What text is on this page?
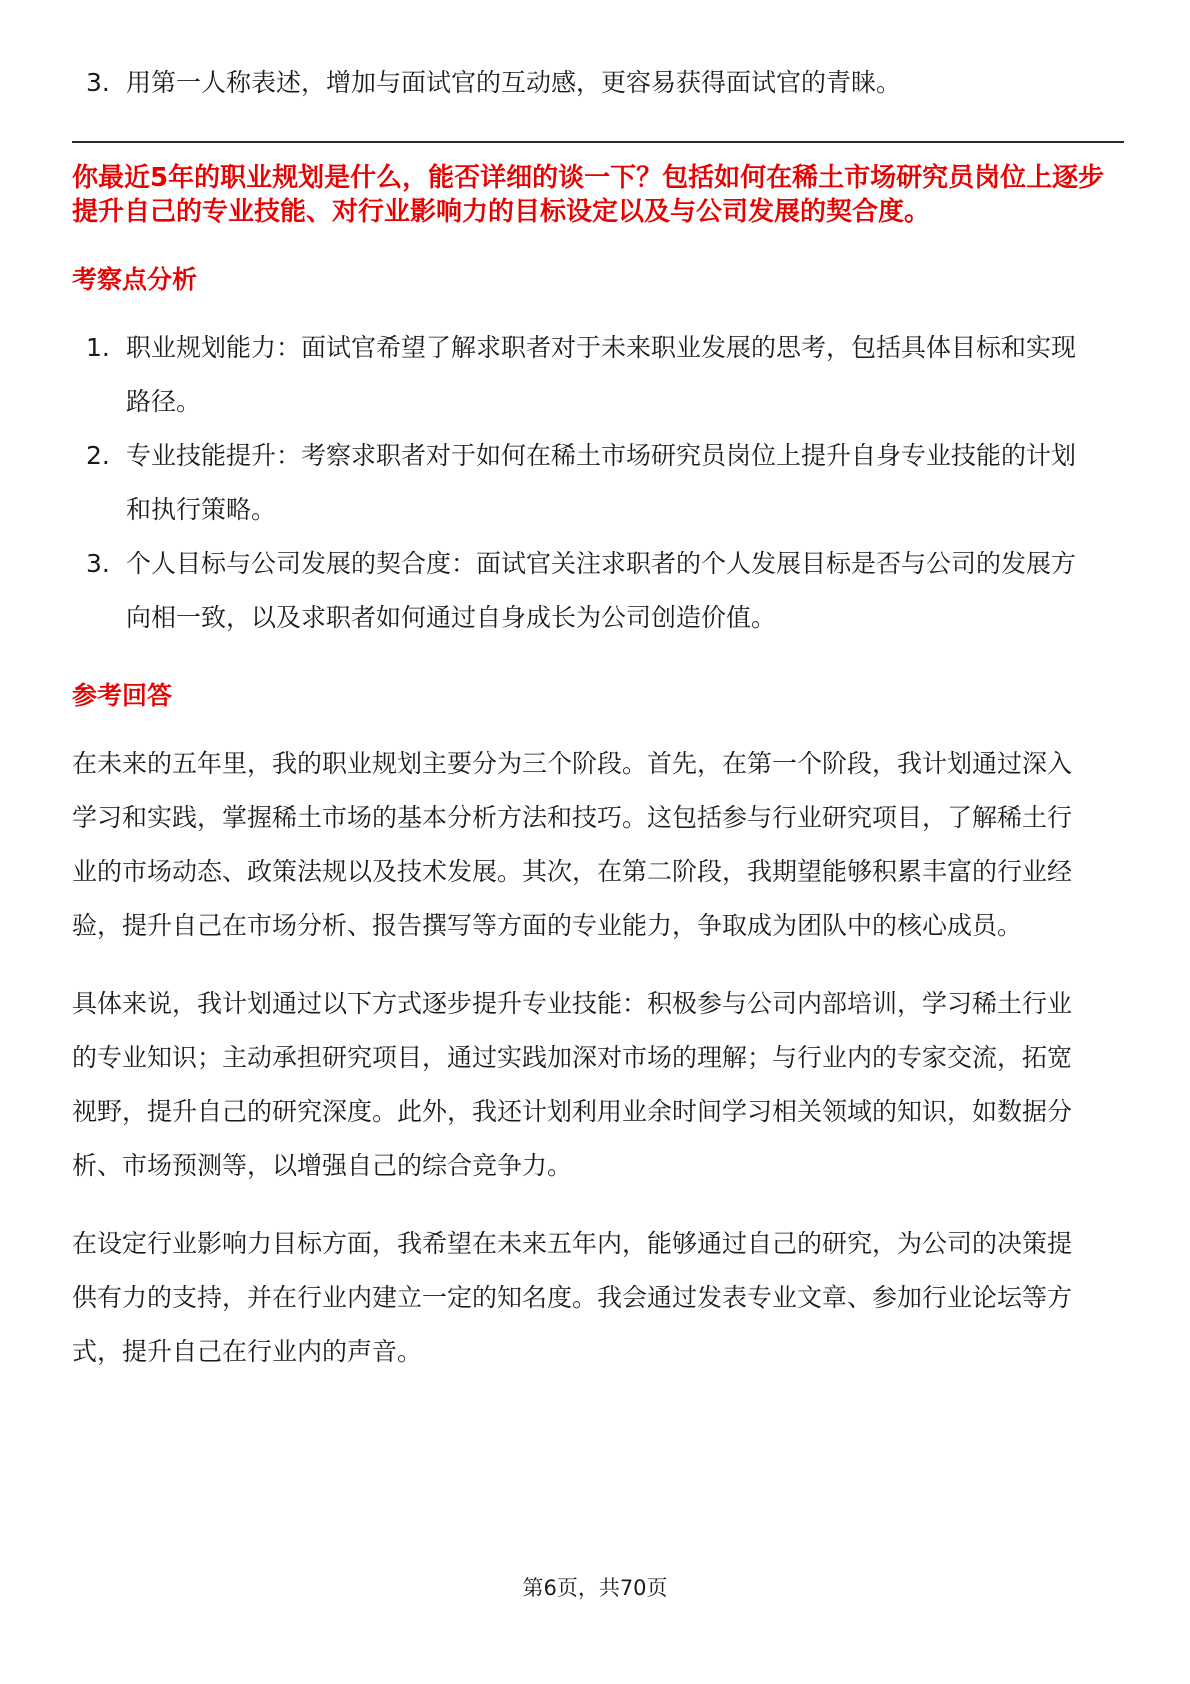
3. 用第一人称表述，增加与面试官的互动感，更容易获得面试官的青睐。

你最近5年的职业规划是什么，能否详细的谈一下？包括如何在稀土市场研究员岗位上逐步提升自己的专业技能、对行业影响力的目标设定以及与公司发展的契合度。

考察点分析
1. 职业规划能力：面试官希望了解求职者对于未来职业发展的思考，包括具体目标和实现路径。
2. 专业技能提升：考察求职者对于如何在稀土市场研究员岗位上提升自身专业技能的计划和执行策略。
3. 个人目标与公司发展的契合度：面试官关注求职者的个人发展目标是否与公司的发展方向相一致，以及求职者如何通过自身成长为公司创造价值。
参考回答

在未来的五年里，我的职业规划主要分为三个阶段。首先，在第一个阶段，我计划通过深入学习和实践，掌握稀土市场的基本分析方法和技巧。这包括参与行业研究项目，了解稀土行业的市场动态、政策法规以及技术发展。其次，在第二阶段，我期望能够积累丰富的行业经验，提升自己在市场分析、报告撰写等方面的专业能力，争取成为团队中的核心成员。

具体来说，我计划通过以下方式逐步提升专业技能：积极参与公司内部培训，学习稀土行业的专业知识；主动承担研究项目，通过实践加深对市场的理解；与行业内的专家交流，拓宽视野，提升自己的研究深度。此外，我还计划利用业余时间学习相关领域的知识，如数据分析、市场预测等，以增强自己的综合竞争力。

在设定行业影响力目标方面，我希望在未来五年内，能够通过自己的研究，为公司的决策提供有力的支持，并在行业内建立一定的知名度。我会通过发表专业文章、参加行业论坛等方式，提升自己在行业内的声音。

第6页，共70页
